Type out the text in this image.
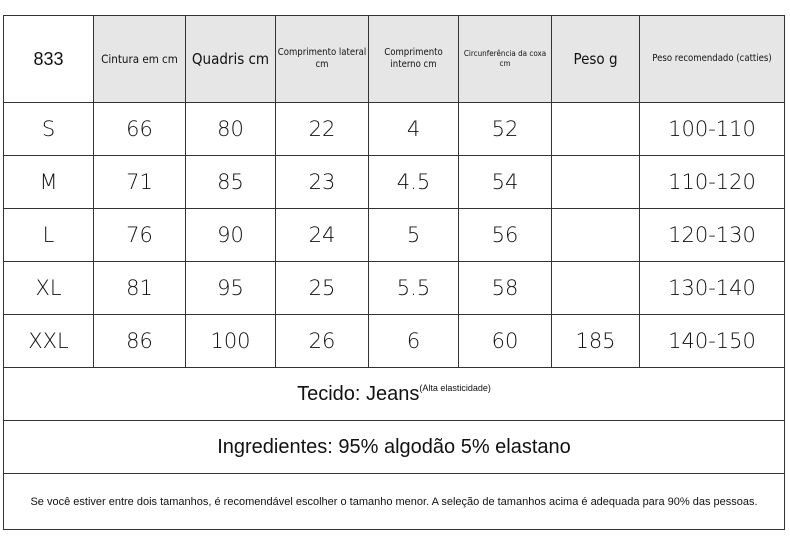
833	Cintura em cm	Quadris cm	Comprimento lateral cm	Comprimento interno cm	Circunferência da coxa cm	Peso g	Peso recomendado (catties)
S	66	80	22	4	52		100-110
M	71	85	23	4.5	54		110-120
L	76	90	24	5	56		120-130
XL	81	95	25	5.5	58		130-140
XXL	86	100	26	6	60	185	140-150
Tecido: Jeans$^{(Alta elasticidade)}$
Ingredientes: 95% algodão 5% elastano							
Se você estiver entre dois tamanhos, é recomendável escolher o tamanho menor. A seleção de tamanhos acima é adequada para 90% das pessoas.							
